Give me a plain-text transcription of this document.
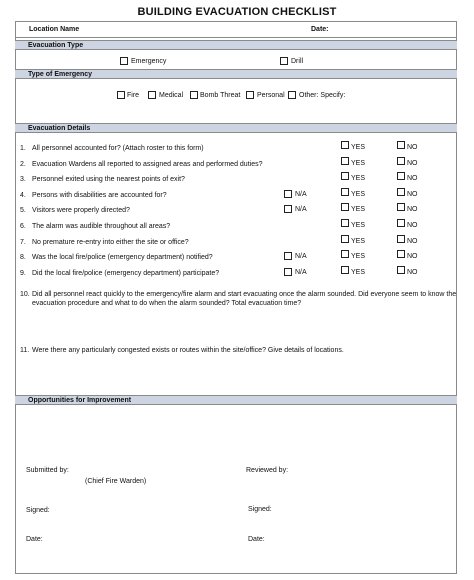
BUILDING EVACUATION CHECKLIST
Location Name	Date:
Evacuation Type
Emergency	Drill
Type of Emergency
Fire	Medical Bomb Threat Personal Other: Specify:
Evacuation Details
1. All personnel accounted for? (Attach roster to this form)	YES	NO
2. Evacuation Wardens all reported to assigned areas and performed duties?	YES	NO
3. Personnel exited using the nearest points of exit?	YES	NO
4. Persons with disabilities are accounted for?	N/A	YES	NO
5. Visitors were properly directed?	N/A	YES	NO
6. The alarm was audible throughout all areas?	YES	NO
7. No premature re-entry into either the site or office?	YES	NO
8. Was the local fire/police (emergency department) notified?	N/A	YES	NO
9. Did the local fire/police (emergency department) participate?	N/A	YES	NO
10. Did all personnel react quickly to the emergency/fire alarm and start evacuating once the alarm sounded. Did everyone seem to know the evacuation procedure and what to do when the alarm sounded? Total evacuation time?
11. Were there any particularly congested exists or routes within the site/office? Give details of locations.
Opportunities for Improvement
Submitted by:
(Chief Fire Warden)
Reviewed by:
Signed:	Signed:
Date:	Date:
